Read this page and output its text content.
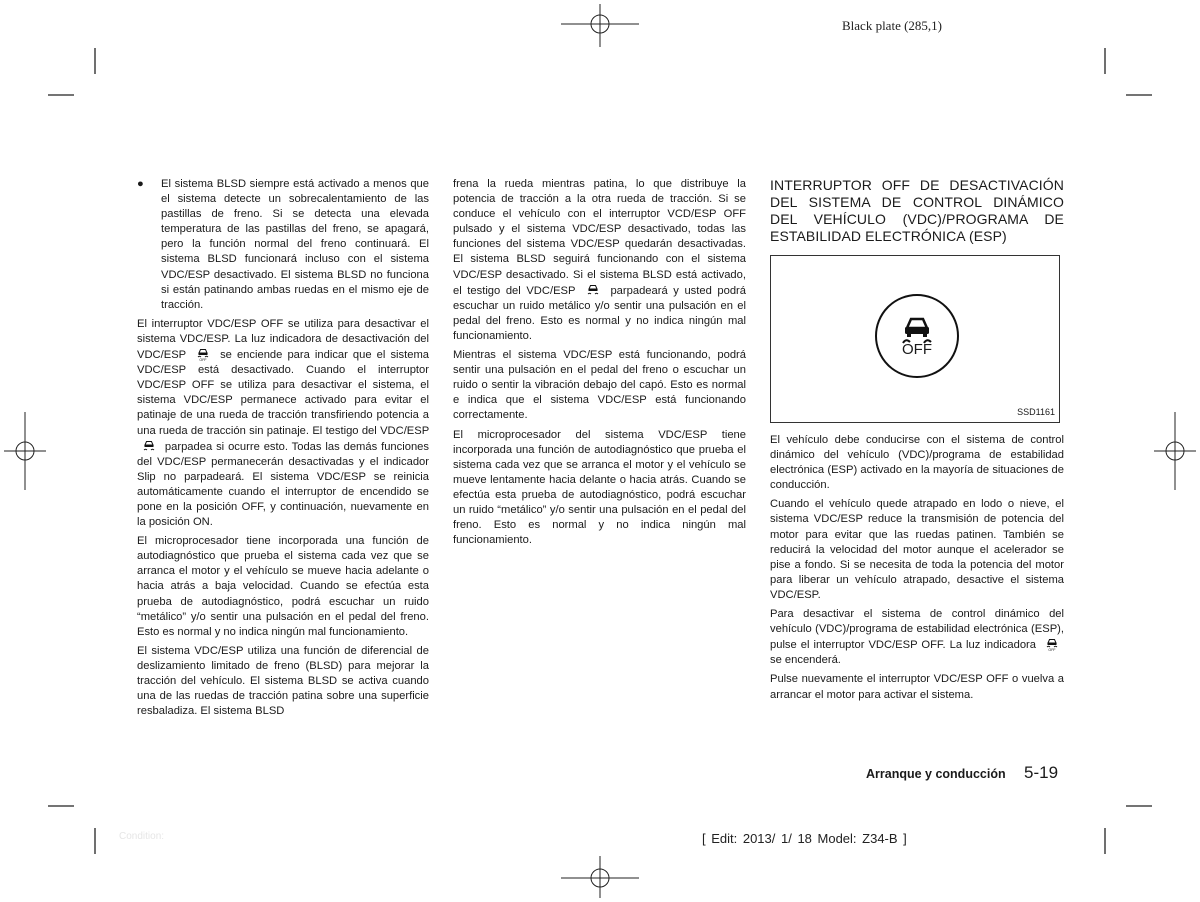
Black plate (285,1)
●	El sistema BLSD siempre está activado a menos que el sistema detecte un sobrecalentamiento de las pastillas de freno. Si se detecta una elevada temperatura de las pastillas del freno, se apagará, pero la función normal del freno continuará. El sistema BLSD funcionará incluso con el sistema VDC/ESP desactivado. El sistema BLSD no funciona si están patinando ambas ruedas en el mismo eje de tracción.

El interruptor VDC/ESP OFF se utiliza para desactivar el sistema VDC/ESP. La luz indicadora de desactivación del VDC/ESP	OFF se enciende para indicar que el sistema VDC/ESP está desactivado. Cuando el interruptor VDC/ESP OFF se utiliza para desactivar el sistema, el sistema VDC/ESP permanece activado para evitar el patinaje de una rueda de tracción transfiriendo potencia a una rueda de tracción sin patinaje. El testigo del VDC/ESP  parpadea si ocurre esto. Todas las demás funciones del VDC/ESP permanecerán desactivadas y el indicador Slip no parpadeará. El sistema VDC/ESP se reinicia automáticamente cuando el interruptor de encendido se pone en la posición OFF, y continuación, nuevamente en la posición ON.

El microprocesador tiene incorporada una función de autodiagnóstico que prueba el sistema cada vez que se arranca el motor y el vehículo se mueve hacia adelante o hacia atrás a baja velocidad. Cuando se efectúa esta prueba de autodiagnóstico, podrá escuchar un ruido “metálico” y/o sentir una pulsación en el pedal del freno. Esto es normal y no indica ningún mal funcionamiento.

El sistema VDC/ESP utiliza una función de diferencial de deslizamiento limitado de freno (BLSD) para mejorar la tracción del vehículo. El sistema BLSD se activa cuando una de las ruedas de tracción patina sobre una superficie resbaladiza. El sistema BLSD

frena la rueda mientras patina, lo que distribuye la potencia de tracción a la otra rueda de tracción. Si se conduce el vehículo con el interruptor VCD/ESP OFF pulsado y el sistema VDC/ESP desactivado, todas las funciones del sistema VDC/ESP quedarán desactivadas. El sistema BLSD seguirá funcionando con el sistema VDC/ESP desactivado. Si el sistema BLSD está activado, el testigo del VDC/ESP	parpadeará y usted podrá escuchar un ruido metálico y/o sentir una pulsación en el pedal del freno. Esto es normal y no indica ningún mal funcionamiento.

Mientras el sistema VDC/ESP está funcionando, podrá sentir una pulsación en el pedal del freno o escuchar un ruido o sentir la vibración debajo del capó. Esto es normal e indica que el sistema VDC/ESP está funcionando correctamente.

El microprocesador del sistema VDC/ESP tiene incorporada una función de autodiagnóstico que prueba el sistema cada vez que se arranca el motor y el vehículo se mueve lentamente hacia delante o hacia atrás. Cuando se efectúa esta prueba de autodiagnóstico, podrá escuchar un ruido “metálico” y/o sentir una pulsación en el pedal del freno. Esto es normal y no indica ningún mal funcionamiento.

INTERRUPTOR OFF DE DESACTIVACIÓN DEL SISTEMA DE CONTROL DINÁMICO DEL VEHÍCULO (VDC)/PROGRAMA DE ESTABILIDAD ELECTRÓNICA (ESP)
OFF
SSD1161

El vehículo debe conducirse con el sistema de control dinámico del vehículo (VDC)/programa de estabilidad electrónica (ESP) activado en la mayoría de situaciones de conducción.

Cuando el vehículo quede atrapado en lodo o nieve, el sistema VDC/ESP reduce la transmisión de potencia del motor para evitar que las ruedas patinen. También se reducirá la velocidad del motor aunque el acelerador se pise a fondo. Si se necesita de toda la potencia del motor para liberar un vehículo atrapado, desactive el sistema VDC/ESP.

Para desactivar el sistema de control dinámico del vehículo (VDC)/programa de estabilidad electrónica (ESP), pulse el interruptor VDC/ESP OFF. La luz indicadora	OFF
se encenderá.

Pulse nuevamente el interruptor VDC/ESP OFF o vuelva a arrancar el motor para activar el sistema.

Arranque y conducción 5-19
Condition:	[ Edit: 2013/ 1/ 18 Model: Z34-B ]
